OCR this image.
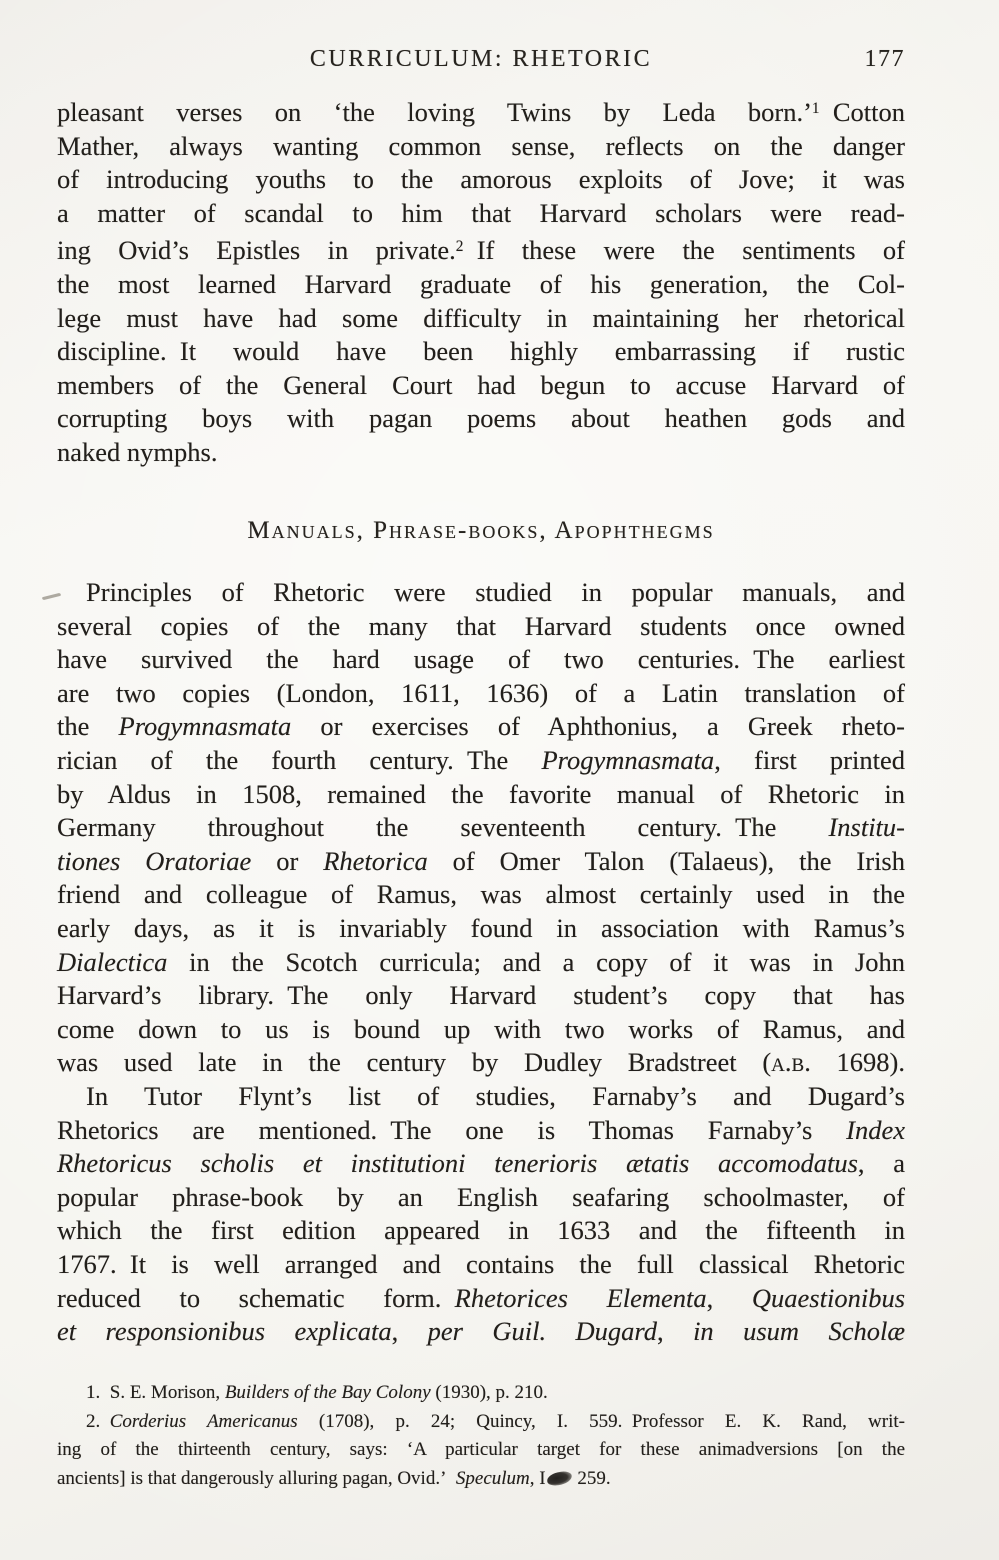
CURRICULUM: RHETORIC	177
pleasant verses on ‘the loving Twins by Leda born.’$^1$ Cotton
Mather, always wanting common sense, reflects on the danger
of introducing youths to the amorous exploits of Jove; it was
a matter of scandal to him that Harvard scholars were read-
ing Ovid’s Epistles in private.$^2$ If these were the sentiments of
the most learned Harvard graduate of his generation, the Col-
lege must have had some difficulty in maintaining her rhetorical
discipline. It would have been highly embarrassing if rustic
members of the General Court had begun to accuse Harvard of
corrupting boys with pagan poems about heathen gods and
naked nymphs.
Manuals, Phrase-books, Apophthegms
Principles of Rhetoric were studied in popular manuals, and
several copies of the many that Harvard students once owned
have survived the hard usage of two centuries. The earliest
are two copies (London, 1611, 1636) of a Latin translation of
the Progymnasmata or exercises of Aphthonius, a Greek rheto-
rician of the fourth century. The Progymnasmata, first printed
by Aldus in 1508, remained the favorite manual of Rhetoric in
Germany throughout the seventeenth century. The Institu-
tiones Oratoriae or Rhetorica of Omer Talon (Talaeus), the Irish
friend and colleague of Ramus, was almost certainly used in the
early days, as it is invariably found in association with Ramus’s
Dialectica in the Scotch curricula; and a copy of it was in John
Harvard’s library. The only Harvard student’s copy that has
come down to us is bound up with two works of Ramus, and
was used late in the century by Dudley Bradstreet (a.b. 1698).
In Tutor Flynt’s list of studies, Farnaby’s and Dugard’s
Rhetorics are mentioned. The one is Thomas Farnaby’s Index
Rhetoricus scholis et institutioni tenerioris ætatis accomodatus, a
popular phrase-book by an English seafaring schoolmaster, of
which the first edition appeared in 1633 and the fifteenth in
1767. It is well arranged and contains the full classical Rhetoric
reduced to schematic form. Rhetorices Elementa, Quaestionibus
et responsionibus explicata, per Guil. Dugard, in usum Scholæ
1. S. E. Morison, Builders of the Bay Colony (1930), p. 210.
2. Corderius Americanus (1708), p. 24; Quincy, I. 559. Professor E. K. Rand, writ-
ing of the thirteenth century, says: ‘A particular target for these animadversions [on the
ancients] is that dangerously alluring pagan, Ovid.’ Speculum, I 259.
